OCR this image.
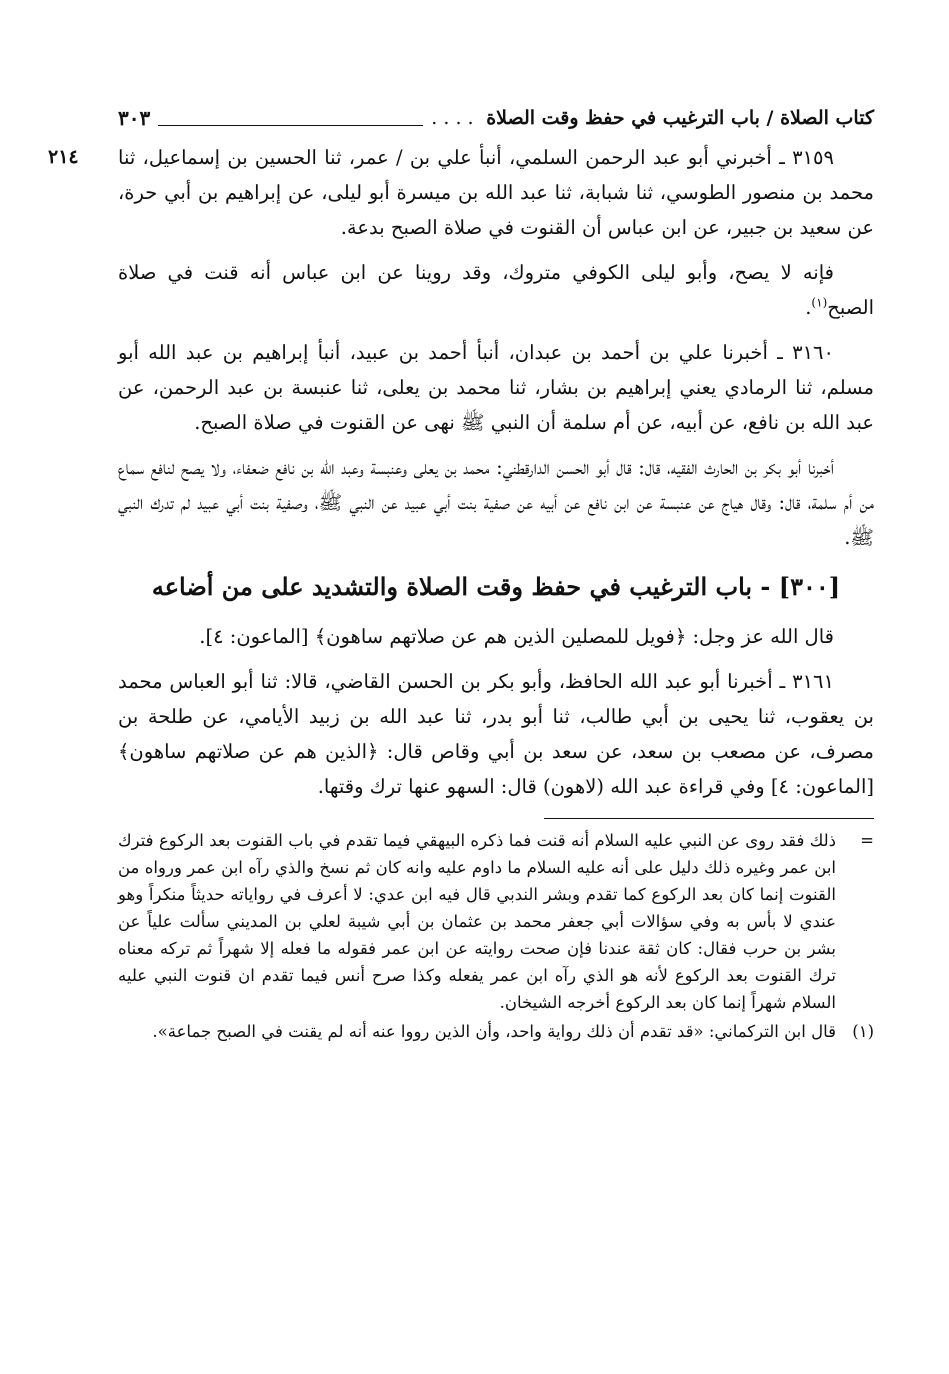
كتاب الصلاة / باب الترغيب في حفظ وقت الصلاة . . . .
٣٠٣

٢١٤ ٣١٥٩ ـ أخبرني أبو عبد الرحمن السلمي، أنبأ علي بن / عمر، ثنا الحسين بن إسماعيل، ثنا محمد بن منصور الطوسي، ثنا شبابة، ثنا عبد الله بن ميسرة أبو ليلى، عن إبراهيم بن أبي حرة، عن سعيد بن جبير، عن ابن عباس أن القنوت في صلاة الصبح بدعة.

فإنه لا يصح، وأبو ليلى الكوفي متروك، وقد روينا عن ابن عباس أنه قنت في صلاة الصبح$^{(١)}$.

٣١٦٠ ـ أخبرنا علي بن أحمد بن عبدان، أنبأ أحمد بن عبيد، أنبأ إبراهيم بن عبد الله أبو مسلم، ثنا الرمادي يعني إبراهيم بن بشار، ثنا محمد بن يعلى، ثنا عنبسة بن عبد الرحمن، عن عبد الله بن نافع، عن أبيه، عن أم سلمة أن النبي ﷺ نهى عن القنوت في صلاة الصبح.

أخبرنا أبو بكر بن الحارث الفقيه، قال: قال أبو الحسن الدارقطني: محمد بن يعلى وعنبسة وعبد الله بن نافع ضعفاء، ولا يصح لنافع سماع من أم سلمة، قال: وقال هياج عن عنبسة عن ابن نافع عن أبيه عن صفية بنت أبي عبيد عن النبي ﷺ، وصفية بنت أبي عبيد لم تدرك النبي ﷺ.

[٣٠٠] - باب الترغيب في حفظ وقت الصلاة والتشديد على من أضاعه

قال الله عز وجل: ﴿فويل للمصلين الذين هم عن صلاتهم ساهون﴾ [الماعون: ٤].

٣١٦١ ـ أخبرنا أبو عبد الله الحافظ، وأبو بكر بن الحسن القاضي، قالا: ثنا أبو العباس محمد بن يعقوب، ثنا يحيى بن أبي طالب، ثنا أبو بدر، ثنا عبد الله بن زبيد الأيامي، عن طلحة بن مصرف، عن مصعب بن سعد، عن سعد بن أبي وقاص قال: ﴿الذين هم عن صلاتهم ساهون﴾ [الماعون: ٤] وفي قراءة عبد الله (لاهون) قال: السهو عنها ترك وقتها.

=
ذلك فقد روى عن النبي عليه السلام أنه قنت فما ذكره البيهقي فيما تقدم في باب القنوت بعد الركوع فترك ابن عمر وغيره ذلك دليل على أنه عليه السلام ما داوم عليه وانه كان ثم نسخ والذي رآه ابن عمر ورواه من القنوت إنما كان بعد الركوع كما تقدم وبشر الندبي قال فيه ابن عدي: لا أعرف في رواياته حديثاً منكراً وهو عندي لا بأس به وفي سؤالات أبي جعفر محمد بن عثمان بن أبي شيبة لعلي بن المديني سألت علياً عن بشر بن حرب فقال: كان ثقة عندنا فإن صحت روايته عن ابن عمر فقوله ما فعله إلا شهراً ثم تركه معناه ترك القنوت بعد الركوع لأنه هو الذي رآه ابن عمر يفعله وكذا صرح أنس فيما تقدم ان قنوت النبي عليه السلام شهراً إنما كان بعد الركوع أخرجه الشيخان.
(١)
قال ابن التركماني: «قد تقدم أن ذلك رواية واحد، وأن الذين رووا عنه أنه لم يقنت في الصبح جماعة».
